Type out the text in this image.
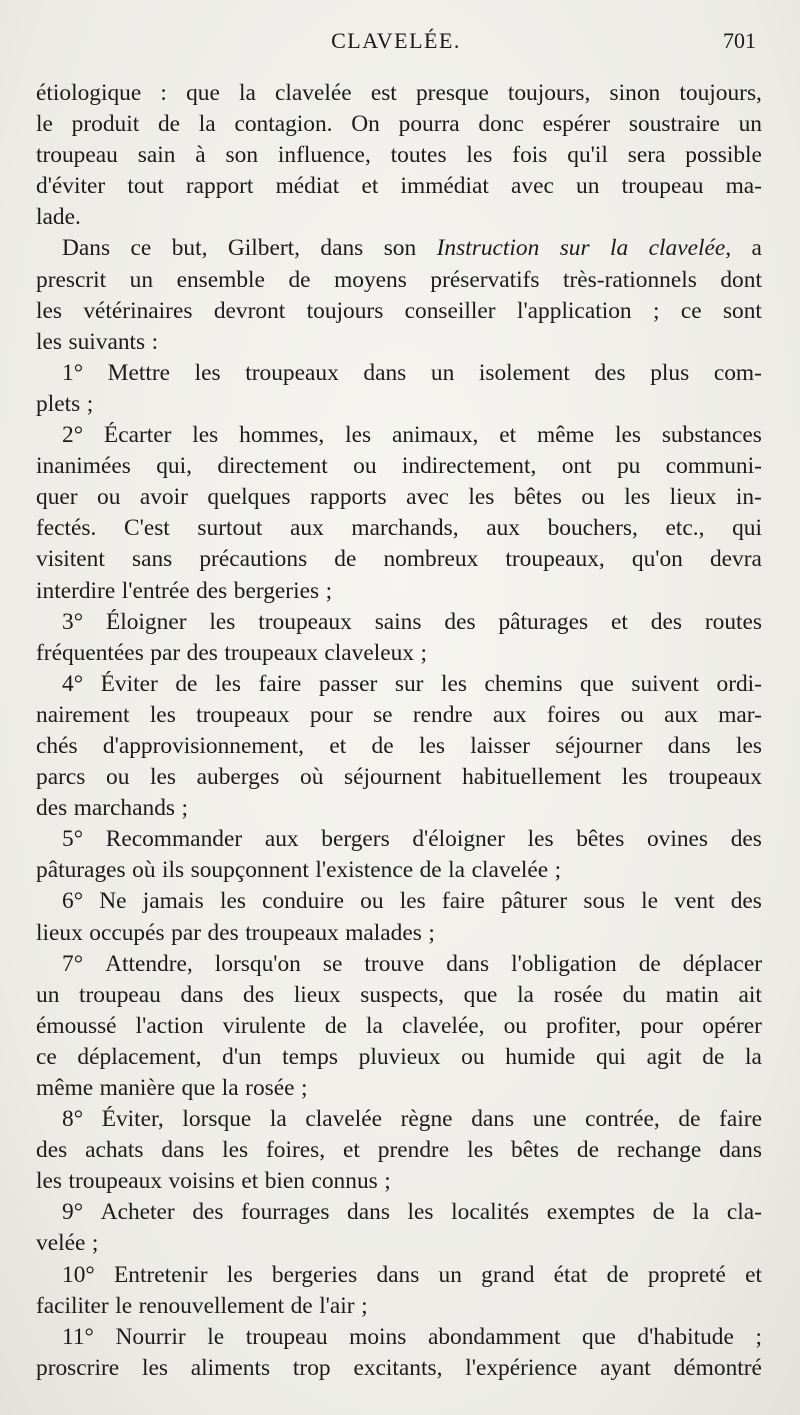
CLAVELÉE.	701
étiologique : que la clavelée est presque toujours, sinon toujours,
le produit de la contagion. On pourra donc espérer soustraire un
troupeau sain à son influence, toutes les fois qu'il sera possible
d'éviter tout rapport médiat et immédiat avec un troupeau ma-
lade.
Dans ce but, Gilbert, dans son Instruction sur la clavelée, a
prescrit un ensemble de moyens préservatifs très-rationnels dont
les vétérinaires devront toujours conseiller l'application ; ce sont
les suivants :
1° Mettre les troupeaux dans un isolement des plus com-
plets ;
2° Écarter les hommes, les animaux, et même les substances
inanimées qui, directement ou indirectement, ont pu communi-
quer ou avoir quelques rapports avec les bêtes ou les lieux in-
fectés. C'est surtout aux marchands, aux bouchers, etc., qui
visitent sans précautions de nombreux troupeaux, qu'on devra
interdire l'entrée des bergeries ;
3° Éloigner les troupeaux sains des pâturages et des routes
fréquentées par des troupeaux claveleux ;
4° Éviter de les faire passer sur les chemins que suivent ordi-
nairement les troupeaux pour se rendre aux foires ou aux mar-
chés d'approvisionnement, et de les laisser séjourner dans les
parcs ou les auberges où séjournent habituellement les troupeaux
des marchands ;
5° Recommander aux bergers d'éloigner les bêtes ovines des
pâturages où ils soupçonnent l'existence de la clavelée ;
6° Ne jamais les conduire ou les faire pâturer sous le vent des
lieux occupés par des troupeaux malades ;
7° Attendre, lorsqu'on se trouve dans l'obligation de déplacer
un troupeau dans des lieux suspects, que la rosée du matin ait
émoussé l'action virulente de la clavelée, ou profiter, pour opérer
ce déplacement, d'un temps pluvieux ou humide qui agit de la
même manière que la rosée ;
8° Éviter, lorsque la clavelée règne dans une contrée, de faire
des achats dans les foires, et prendre les bêtes de rechange dans
les troupeaux voisins et bien connus ;
9° Acheter des fourrages dans les localités exemptes de la cla-
velée ;
10° Entretenir les bergeries dans un grand état de propreté et
faciliter le renouvellement de l'air ;
11° Nourrir le troupeau moins abondamment que d'habitude ;
proscrire les aliments trop excitants, l'expérience ayant démontré
